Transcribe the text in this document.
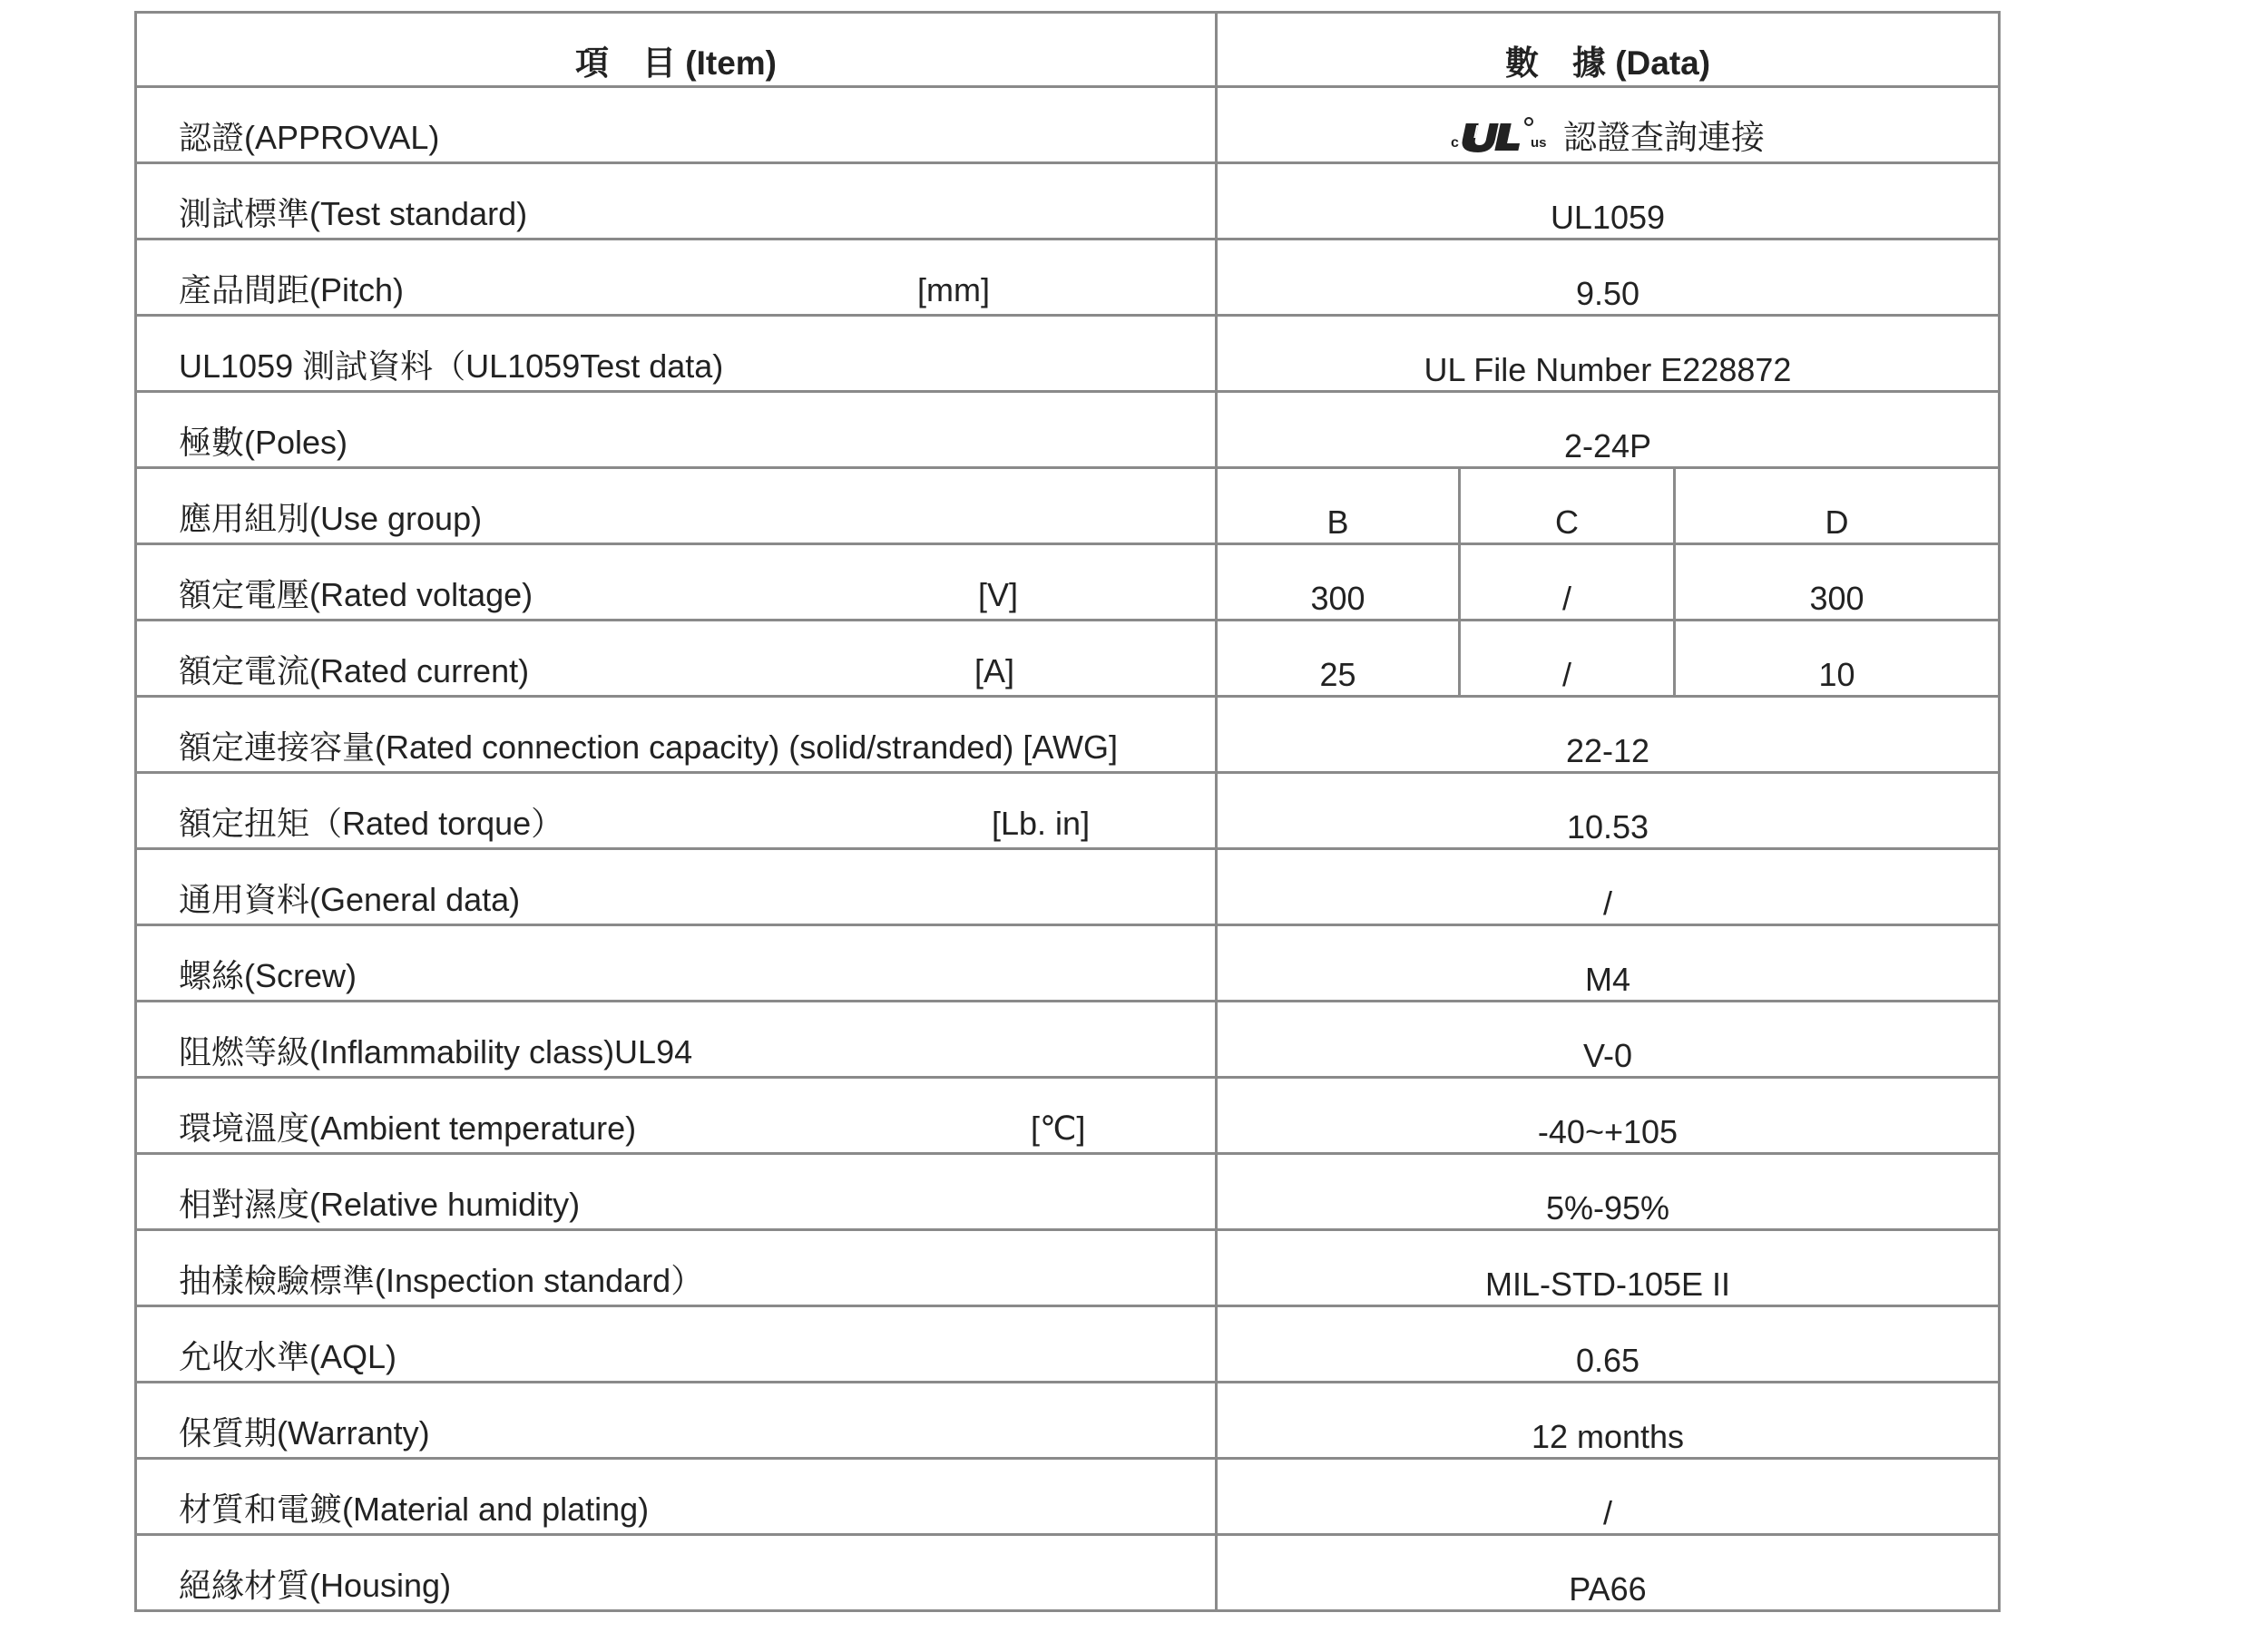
項　目 (Item)	數　據 (Data)		
認證(APPROVAL)	c us 認證查詢連接		
測試標準(Test standard)	UL1059		
產品間距(Pitch) [mm]	9.50		
UL1059 測試資料（UL1059Test data)	UL File Number E228872		
極數(Poles)	2-24P		
應用組別(Use group)	B	C	D
額定電壓(Rated voltage) [V]	300	/	300
額定電流(Rated current) [A]	25	/	10
額定連接容量(Rated connection capacity) (solid/stranded) [AWG]	22-12		
額定扭矩（Rated torque） [Lb. in]	10.53		
通用資料(General data)	/		
螺絲(Screw)	M4		
阻燃等級(Inflammability class)UL94	V-0		
環境溫度(Ambient temperature) [℃]	-40~+105		
相對濕度(Relative humidity)	5%-95%		
抽樣檢驗標準(Inspection standard）	MIL-STD-105E II		
允收水準(AQL)	0.65		
保質期(Warranty)	12 months		
材質和電鍍(Material and plating)	/		
絕緣材質(Housing)	PA66		
